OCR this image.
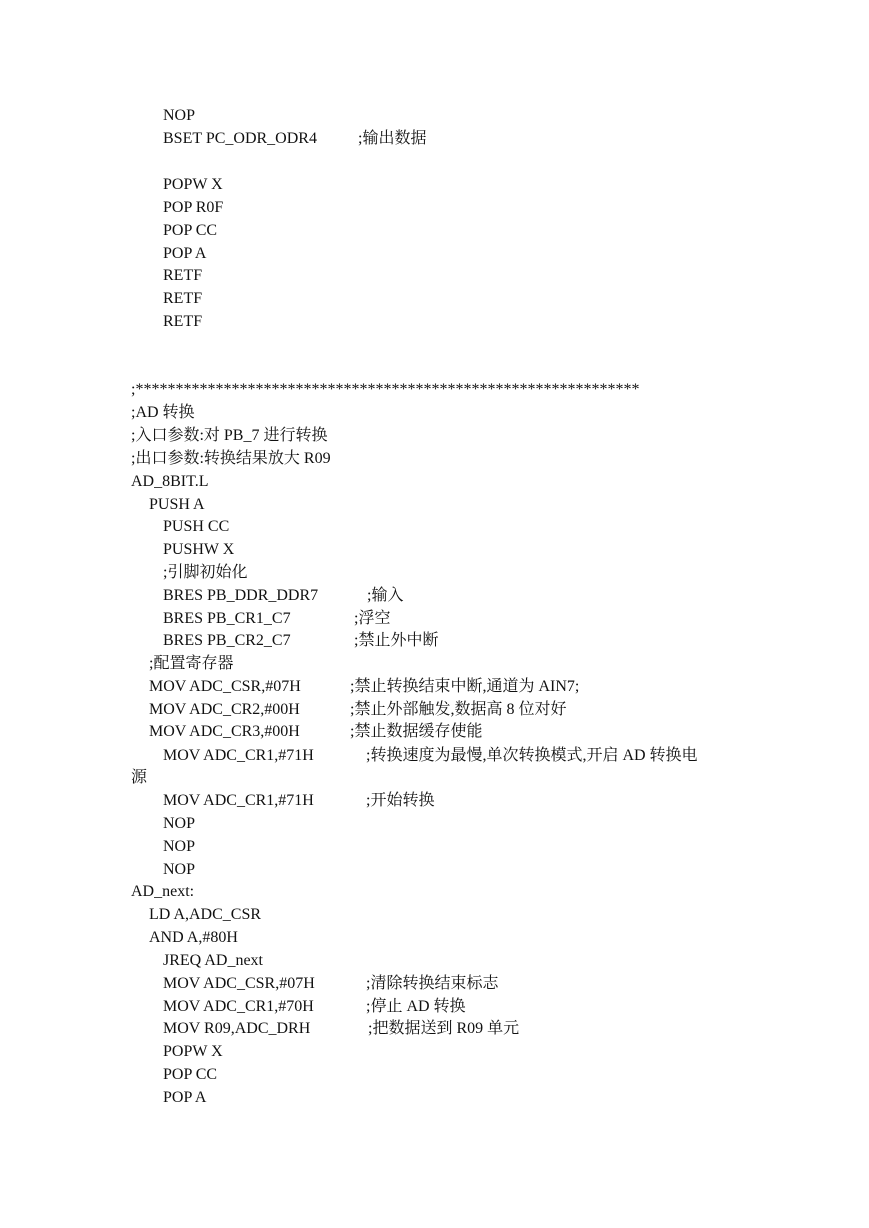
NOP
BSET PC_ODR_ODR4	;输出数据
POPW X
POP R0F
POP CC
POP A
RETF
RETF
RETF
;***************************************************************
;AD 转换
;入口参数:对 PB_7 进行转换
;出口参数:转换结果放大 R09
AD_8BIT.L
PUSH A
PUSH CC
PUSHW X
;引脚初始化
BRES PB_DDR_DDR7	;输入
BRES PB_CR1_C7	;浮空
BRES PB_CR2_C7	;禁止外中断
;配置寄存器
MOV ADC_CSR,#07H	;禁止转换结束中断,通道为 AIN7;
MOV ADC_CR2,#00H	;禁止外部触发,数据高 8 位对好
MOV ADC_CR3,#00H	;禁止数据缓存使能
MOV ADC_CR1,#71H	;转换速度为最慢,单次转换模式,开启 AD 转换电
源
MOV ADC_CR1,#71H	;开始转换
NOP
NOP
NOP
AD_next:
LD A,ADC_CSR
AND A,#80H
JREQ AD_next
MOV ADC_CSR,#07H	;清除转换结束标志
MOV ADC_CR1,#70H	;停止 AD 转换
MOV R09,ADC_DRH	;把数据送到 R09 单元
POPW X
POP CC
POP A
